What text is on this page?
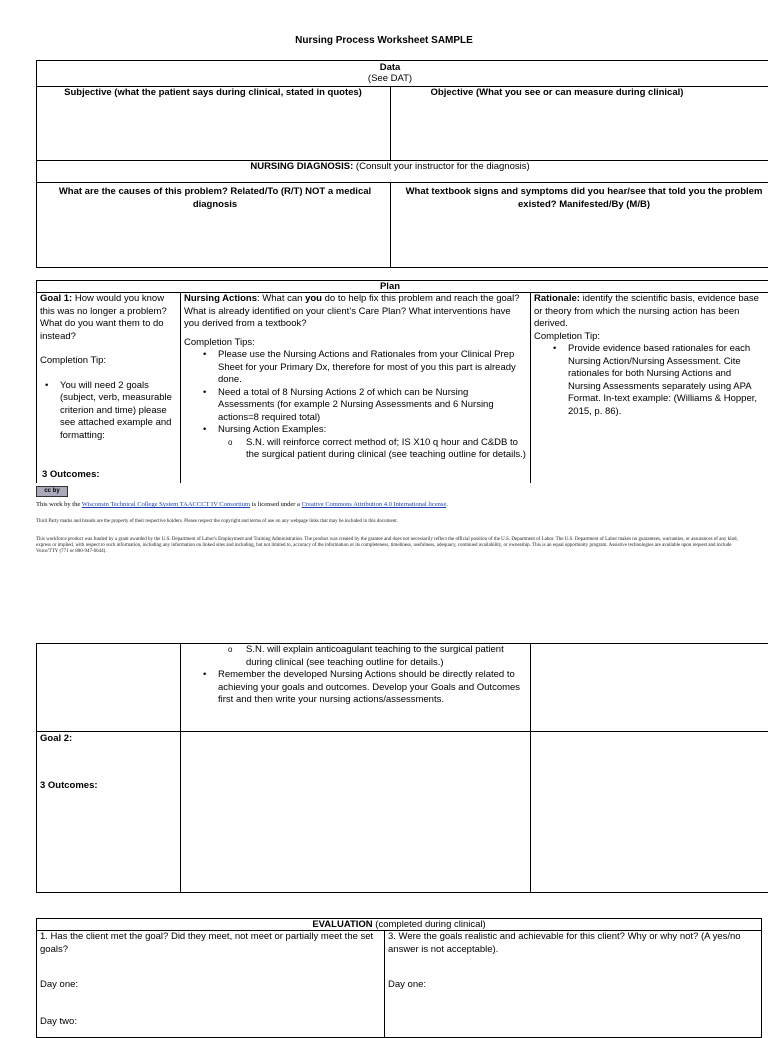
Nursing Process Worksheet SAMPLE
Data
(See DAT)
Subjective (what the patient says during clinical, stated in quotes)	Objective (What you see or can measure during clinical)
NURSING DIAGNOSIS: (Consult your instructor for the diagnosis)
What are the causes of this problem? Related/To (R/T) NOT a medical diagnosis
What textbook signs and symptoms did you hear/see that told you the problem existed? Manifested/By (M/B)
Plan
Goal 1: How would you know this was no longer a problem? What do you want them to do instead?
Completion Tip:
• You will need 2 goals (subject, verb, measurable criterion and time) please see attached example and formatting:
3 Outcomes:
Nursing Actions: What can you do to help fix this problem and reach the goal? What is already identified on your client’s Care Plan? What interventions have you derived from a textbook?
Completion Tips:
• Please use the Nursing Actions and Rationales from your Clinical Prep Sheet for your Primary Dx, therefore for most of you this part is already done.
• Need a total of 8 Nursing Actions 2 of which can be Nursing Assessments (for example 2 Nursing Assessments and 6 Nursing actions=8 required total)
• Nursing Action Examples:
o S.N. will reinforce correct method of; IS X10 q hour and C&DB to the surgical patient during clinical (see teaching outline for details.)
Rationale: identify the scientific basis, evidence base or theory from which the nursing action has been derived.
Completion Tip:
• Provide evidence based rationales for each Nursing Action/Nursing Assessment. Cite rationales for both Nursing Actions and Nursing Assessments separately using APA Format. In-text example: (Williams & Hopper, 2015, p. 86).
cc by
This work by the Wisconsin Technical College System TAACCCT IV Consortium is licensed under a Creative Commons Attribution 4.0 International license.
Third Party marks and brands are the property of their respective holders. Please respect the copyright and terms of use on any webpage links that may be included in this document.
This workforce product was funded by a grant awarded by the U.S. Department of Labor's Employment and Training Administration. The product was created by the grantee and does not necessarily reflect the official position of the U.S. Department of Labor. The U.S. Department of Labor makes no guarantees, warranties, or assurances of any kind, express or implied, with respect to such information, including any information on linked sites and including, but not limited to, accuracy of the information or its completeness, timeliness, usefulness, adequacy, continued availability, or ownership. This is an equal opportunity program. Assistive technologies are available upon request and include Voice/TTY (771 or 800-947-6644).
o S.N. will explain anticoagulant teaching to the surgical patient during clinical (see teaching outline for details.)
• Remember the developed Nursing Actions should be directly related to achieving your goals and outcomes. Develop your Goals and Outcomes first and then write your nursing actions/assessments.
Goal 2:
3 Outcomes:
EVALUATION (completed during clinical)
1. Has the client met the goal? Did they meet, not meet or partially meet the set goals?
3. Were the goals realistic and achievable for this client? Why or why not? (A yes/no answer is not acceptable).
Day one:
Day two:
Day one:
